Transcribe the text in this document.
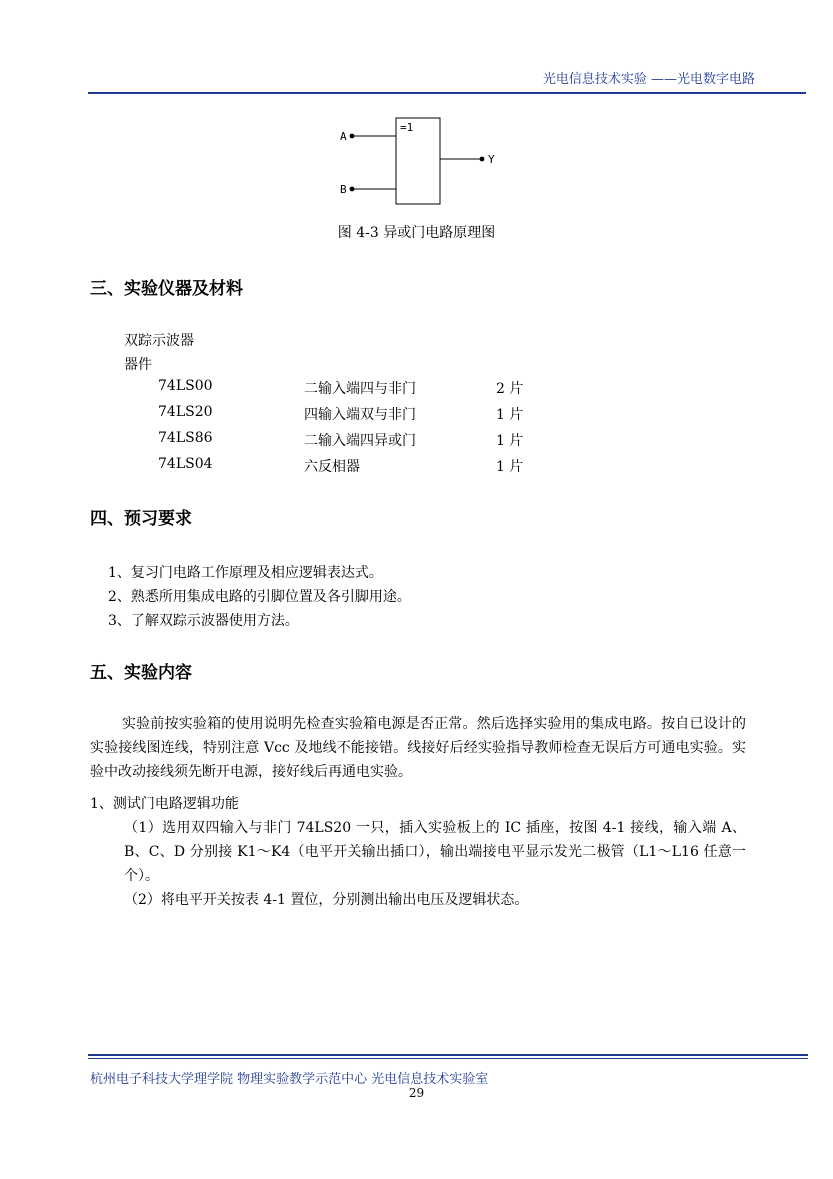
光电信息技术实验 ——光电数字电路
=1
A
B
Y
图 4-3 异或门电路原理图
三、实验仪器及材料
双踪示波器
器件
74LS00	二输入端四与非门	2 片
74LS20	四输入端双与非门	1 片
74LS86	二输入端四异或门	1 片
74LS04	六反相器	1 片
四、预习要求
1、复习门电路工作原理及相应逻辑表达式。
2、熟悉所用集成电路的引脚位置及各引脚用途。
3、了解双踪示波器使用方法。
五、实验内容
实验前按实验箱的使用说明先检查实验箱电源是否正常。然后选择实验用的集成电路。按自已设计的实验接线图连线，特别注意 Vcc 及地线不能接错。线接好后经实验指导教师检查无误后方可通电实验。实验中改动接线须先断开电源，接好线后再通电实验。
1、测试门电路逻辑功能
（1）选用双四输入与非门 74LS20 一只，插入实验板上的 IC 插座，按图 4-1 接线，输入端 A、B、C、D 分别接 K1～K4（电平开关输出插口），输出端接电平显示发光二极管（L1～L16 任意一个）。
（2）将电平开关按表 4-1 置位，分别测出输出电压及逻辑状态。
杭州电子科技大学理学院 物理实验教学示范中心 光电信息技术实验室
29
